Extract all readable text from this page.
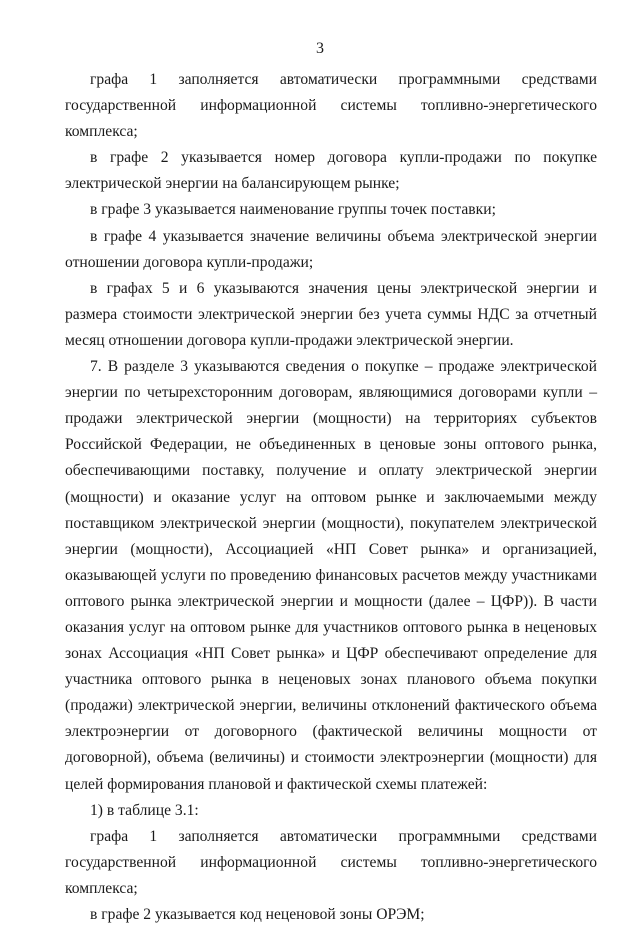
3

графа 1 заполняется автоматически программными средствами государственной информационной системы топливно-энергетического комплекса;

в графе 2 указывается номер договора купли-продажи по покупке электрической энергии на балансирующем рынке;

в графе 3 указывается наименование группы точек поставки;

в графе 4 указывается значение величины объема электрической энергии отношении договора купли-продажи;

в графах 5 и 6 указываются значения цены электрической энергии и размера стоимости электрической энергии без учета суммы НДС за отчетный месяц отношении договора купли-продажи электрической энергии.

7. В разделе 3 указываются сведения о покупке – продаже электрической энергии по четырехсторонним договорам, являющимися договорами купли – продажи электрической энергии (мощности) на территориях субъектов Российской Федерации, не объединенных в ценовые зоны оптового рынка, обеспечивающими поставку, получение и оплату электрической энергии (мощности) и оказание услуг на оптовом рынке и заключаемыми между поставщиком электрической энергии (мощности), покупателем электрической энергии (мощности), Ассоциацией «НП Совет рынка» и организацией, оказывающей услуги по проведению финансовых расчетов между участниками оптового рынка электрической энергии и мощности (далее – ЦФР)). В части оказания услуг на оптовом рынке для участников оптового рынка в неценовых зонах Ассоциация «НП Совет рынка» и ЦФР обеспечивают определение для участника оптового рынка в неценовых зонах планового объема покупки (продажи) электрической энергии, величины отклонений фактического объема электроэнергии от договорного (фактической величины мощности от договорной), объема (величины) и стоимости электроэнергии (мощности) для целей формирования плановой и фактической схемы платежей:

1) в таблице 3.1:

графа 1 заполняется автоматически программными средствами государственной информационной системы топливно-энергетического комплекса;

в графе 2 указывается код неценовой зоны ОРЭМ;
